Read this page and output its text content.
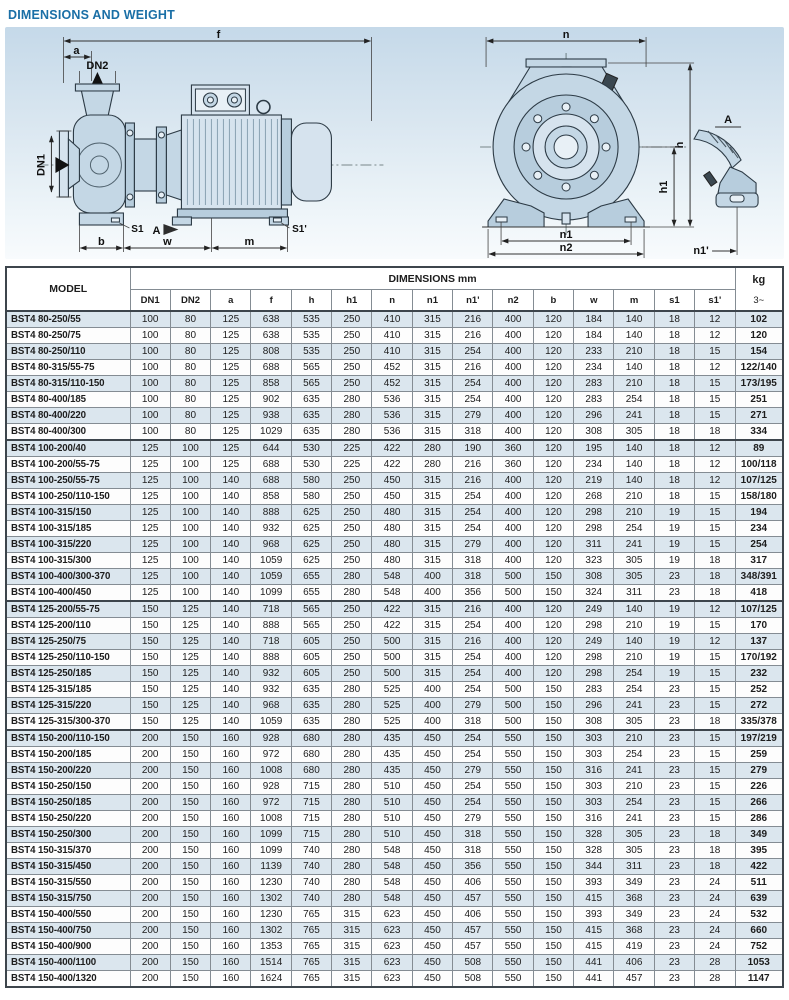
DIMENSIONS AND WEIGHT
f
a
DN2
DN1
S1 A	S1'
b	w	m
n
h
h1
n1
n2
A
n1'
MODEL	DIMENSIONS mm															kg
3~

	DN1	DN2	a	f	h	h1	n	n1	n1'	n2	b	w	m	s1	s1'	
BST4 80-250/55	100	80	125	638	535	250	410	315	216	400	120	184	140	18	12	102
BST4 80-250/75	100	80	125	638	535	250	410	315	216	400	120	184	140	18	12	120
BST4 80-250/110	100	80	125	808	535	250	410	315	254	400	120	233	210	18	15	154
BST4 80-315/55-75	100	80	125	688	565	250	452	315	216	400	120	234	140	18	12	122/140
BST4 80-315/110-150	100	80	125	858	565	250	452	315	254	400	120	283	210	18	15	173/195
BST4 80-400/185	100	80	125	902	635	280	536	315	254	400	120	283	254	18	15	251
BST4 80-400/220	100	80	125	938	635	280	536	315	279	400	120	296	241	18	15	271
BST4 80-400/300	100	80	125	1029	635	280	536	315	318	400	120	308	305	18	18	334
BST4 100-200/40	125	100	125	644	530	225	422	280	190	360	120	195	140	18	12	89
BST4 100-200/55-75	125	100	125	688	530	225	422	280	216	360	120	234	140	18	12	100/118
BST4 100-250/55-75	125	100	140	688	580	250	450	315	216	400	120	219	140	18	12	107/125
BST4 100-250/110-150	125	100	140	858	580	250	450	315	254	400	120	268	210	18	15	158/180
BST4 100-315/150	125	100	140	888	625	250	480	315	254	400	120	298	210	19	15	194
BST4 100-315/185	125	100	140	932	625	250	480	315	254	400	120	298	254	19	15	234
BST4 100-315/220	125	100	140	968	625	250	480	315	279	400	120	311	241	19	15	254
BST4 100-315/300	125	100	140	1059	625	250	480	315	318	400	120	323	305	19	18	317
BST4 100-400/300-370	125	100	140	1059	655	280	548	400	318	500	150	308	305	23	18	348/391
BST4 100-400/450	125	100	140	1099	655	280	548	400	356	500	150	324	311	23	18	418
BST4 125-200/55-75	150	125	140	718	565	250	422	315	216	400	120	249	140	19	12	107/125
BST4 125-200/110	150	125	140	888	565	250	422	315	254	400	120	298	210	19	15	170
BST4 125-250/75	150	125	140	718	605	250	500	315	216	400	120	249	140	19	12	137
BST4 125-250/110-150	150	125	140	888	605	250	500	315	254	400	120	298	210	19	15	170/192
BST4 125-250/185	150	125	140	932	605	250	500	315	254	400	120	298	254	19	15	232
BST4 125-315/185	150	125	140	932	635	280	525	400	254	500	150	283	254	23	15	252
BST4 125-315/220	150	125	140	968	635	280	525	400	279	500	150	296	241	23	15	272
BST4 125-315/300-370	150	125	140	1059	635	280	525	400	318	500	150	308	305	23	18	335/378
BST4 150-200/110-150	200	150	160	928	680	280	435	450	254	550	150	303	210	23	15	197/219
BST4 150-200/185	200	150	160	972	680	280	435	450	254	550	150	303	254	23	15	259
BST4 150-200/220	200	150	160	1008	680	280	435	450	279	550	150	316	241	23	15	279
BST4 150-250/150	200	150	160	928	715	280	510	450	254	550	150	303	210	23	15	226
BST4 150-250/185	200	150	160	972	715	280	510	450	254	550	150	303	254	23	15	266
BST4 150-250/220	200	150	160	1008	715	280	510	450	279	550	150	316	241	23	15	286
BST4 150-250/300	200	150	160	1099	715	280	510	450	318	550	150	328	305	23	18	349
BST4 150-315/370	200	150	160	1099	740	280	548	450	318	550	150	328	305	23	18	395
BST4 150-315/450	200	150	160	1139	740	280	548	450	356	550	150	344	311	23	18	422
BST4 150-315/550	200	150	160	1230	740	280	548	450	406	550	150	393	349	23	24	511
BST4 150-315/750	200	150	160	1302	740	280	548	450	457	550	150	415	368	23	24	639
BST4 150-400/550	200	150	160	1230	765	315	623	450	406	550	150	393	349	23	24	532
BST4 150-400/750	200	150	160	1302	765	315	623	450	457	550	150	415	368	23	24	660
BST4 150-400/900	200	150	160	1353	765	315	623	450	457	550	150	415	419	23	24	752
BST4 150-400/1100	200	150	160	1514	765	315	623	450	508	550	150	441	406	23	28	1053
BST4 150-400/1320	200	150	160	1624	765	315	623	450	508	550	150	441	457	23	28	1147
